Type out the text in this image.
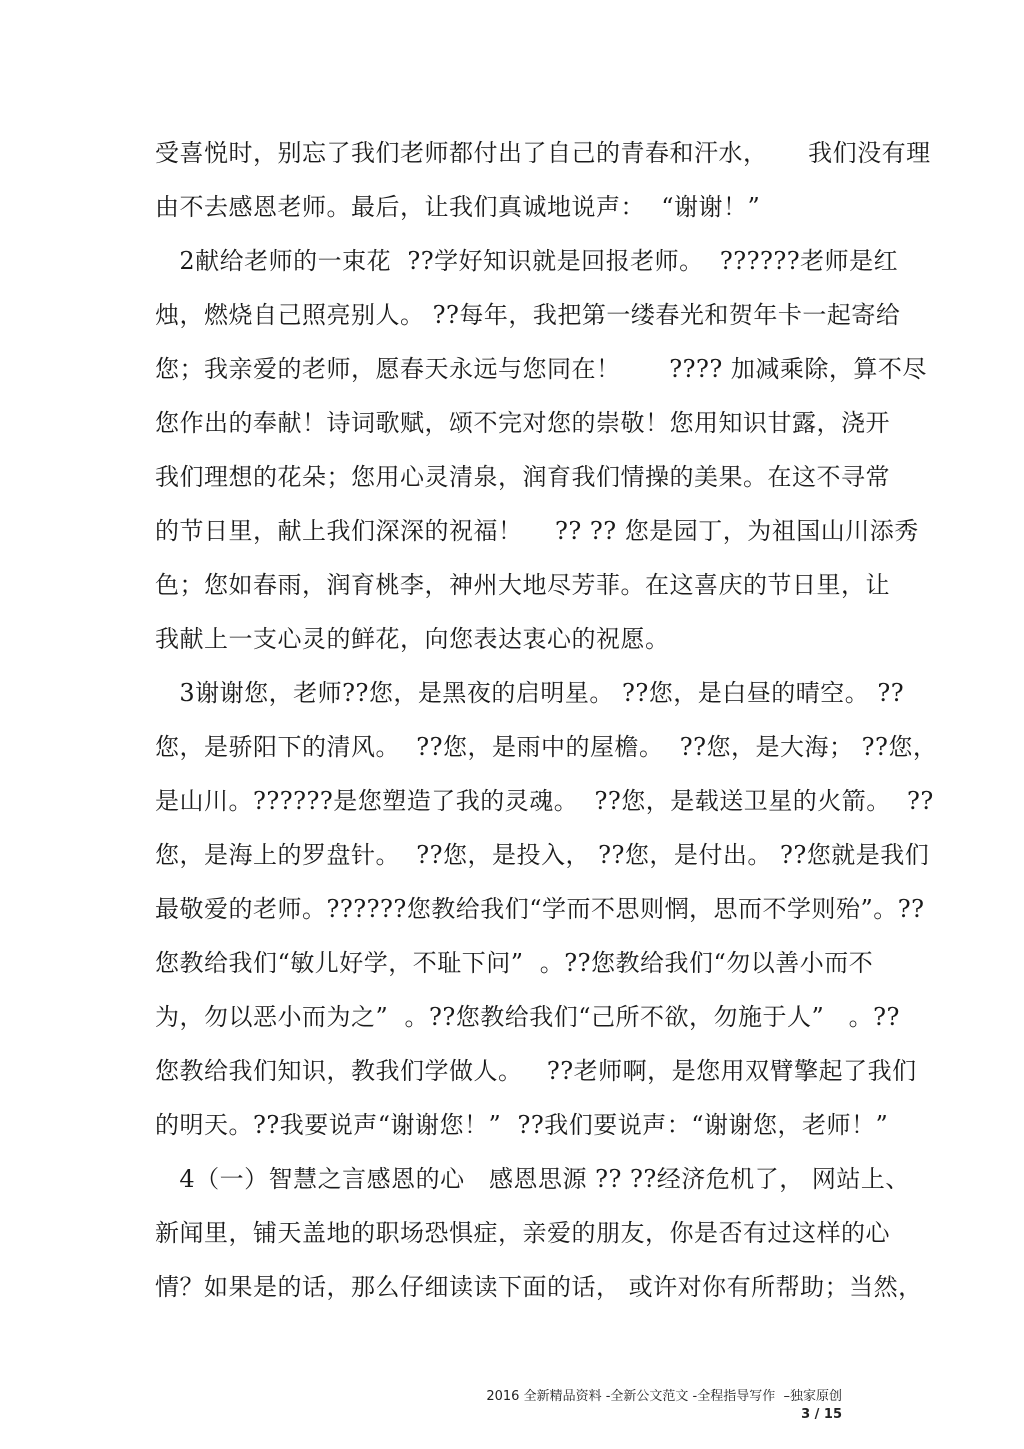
受喜悦时，别忘了我们老师都付出了自己的青春和汗水，     我们没有理
由不去感恩老师。最后，让我们真诚地说声：  “谢谢！”
2献给老师的一束花  ??学好知识就是回报老师。  ??????老师是红
烛，燃烧自己照亮别人。 ??每年，我把第一缕春光和贺年卡一起寄给
您；我亲爱的老师，愿春天永远与您同在！      ???? 加减乘除，算不尽
您作出的奉献！诗词歌赋，颂不完对您的崇敬！您用知识甘露，浇开
我们理想的花朵；您用心灵清泉，润育我们情操的美果。在这不寻常
的节日里，献上我们深深的祝福！    ?? ?? 您是园丁，为祖国山川添秀
色；您如春雨，润育桃李，神州大地尽芳菲。在这喜庆的节日里，让
我献上一支心灵的鲜花，向您表达衷心的祝愿。
3谢谢您，老师??您，是黑夜的启明星。 ??您，是白昼的晴空。 ??
您，是骄阳下的清风。  ??您，是雨中的屋檐。  ??您，是大海； ??您，
是山川。??????是您塑造了我的灵魂。  ??您，是载送卫星的火箭。  ??
您，是海上的罗盘针。  ??您，是投入， ??您，是付出。 ??您就是我们
最敬爱的老师。??????您教给我们“学而不思则惘，思而不学则殆”。??
您教给我们“敏儿好学，不耻下问”  。??您教给我们“勿以善小而不
为，勿以恶小而为之”  。??您教给我们“己所不欲，勿施于人”   。??
您教给我们知识，教我们学做人。   ??老师啊，是您用双臂擎起了我们
的明天。??我要说声“谢谢您！”  ??我们要说声：“谢谢您，老师！”
4（一）智慧之言感恩的心   感恩思源 ?? ??经济危机了， 网站上、
新闻里，铺天盖地的职场恐惧症，亲爱的朋友，你是否有过这样的心
情？如果是的话，那么仔细读读下面的话， 或许对你有所帮助；当然，
2016 全新精品资料 -全新公文范文 -全程指导写作  –独家原创
3 / 15
